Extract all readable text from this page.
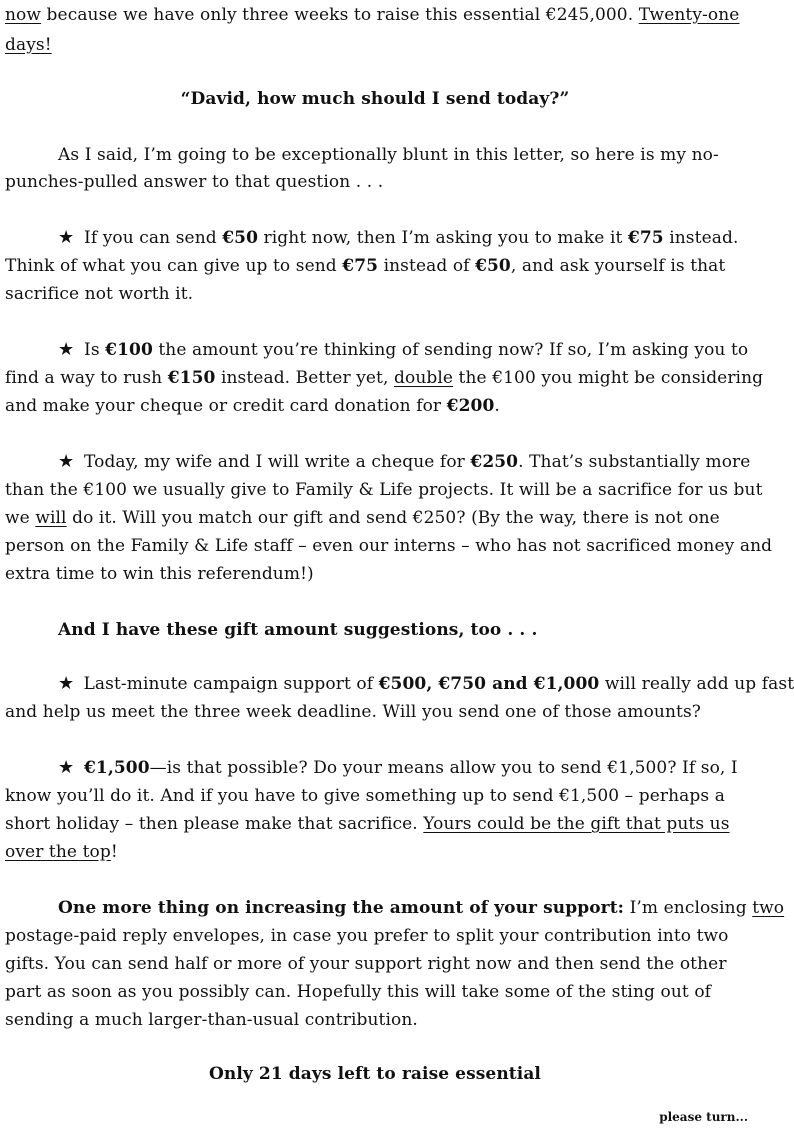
now because we have only three weeks to raise this essential €245,000. Twenty-one
days!
“David, how much should I send today?”
As I said, I’m going to be exceptionally blunt in this letter, so here is my no-
punches-pulled answer to that question . . .
★ If you can send €50 right now, then I’m asking you to make it €75 instead.
Think of what you can give up to send €75 instead of €50, and ask yourself is that
sacrifice not worth it.
★ Is €100 the amount you’re thinking of sending now? If so, I’m asking you to
find a way to rush €150 instead. Better yet, double the €100 you might be considering
and make your cheque or credit card donation for €200.
★ Today, my wife and I will write a cheque for €250. That’s substantially more
than the €100 we usually give to Family & Life projects. It will be a sacrifice for us but
we will do it. Will you match our gift and send €250? (By the way, there is not one
person on the Family & Life staff – even our interns – who has not sacrificed money and
extra time to win this referendum!)
And I have these gift amount suggestions, too . . .
★ Last-minute campaign support of €500, €750 and €1,000 will really add up fast
and help us meet the three week deadline. Will you send one of those amounts?
★ €1,500—is that possible? Do your means allow you to send €1,500? If so, I
know you’ll do it. And if you have to give something up to send €1,500 – perhaps a
short holiday – then please make that sacrifice. Yours could be the gift that puts us
over the top!
One more thing on increasing the amount of your support: I’m enclosing two
postage-paid reply envelopes, in case you prefer to split your contribution into two
gifts. You can send half or more of your support right now and then send the other
part as soon as you possibly can. Hopefully this will take some of the sting out of
sending a much larger-than-usual contribution.
Only 21 days left to raise essential
please turn...
